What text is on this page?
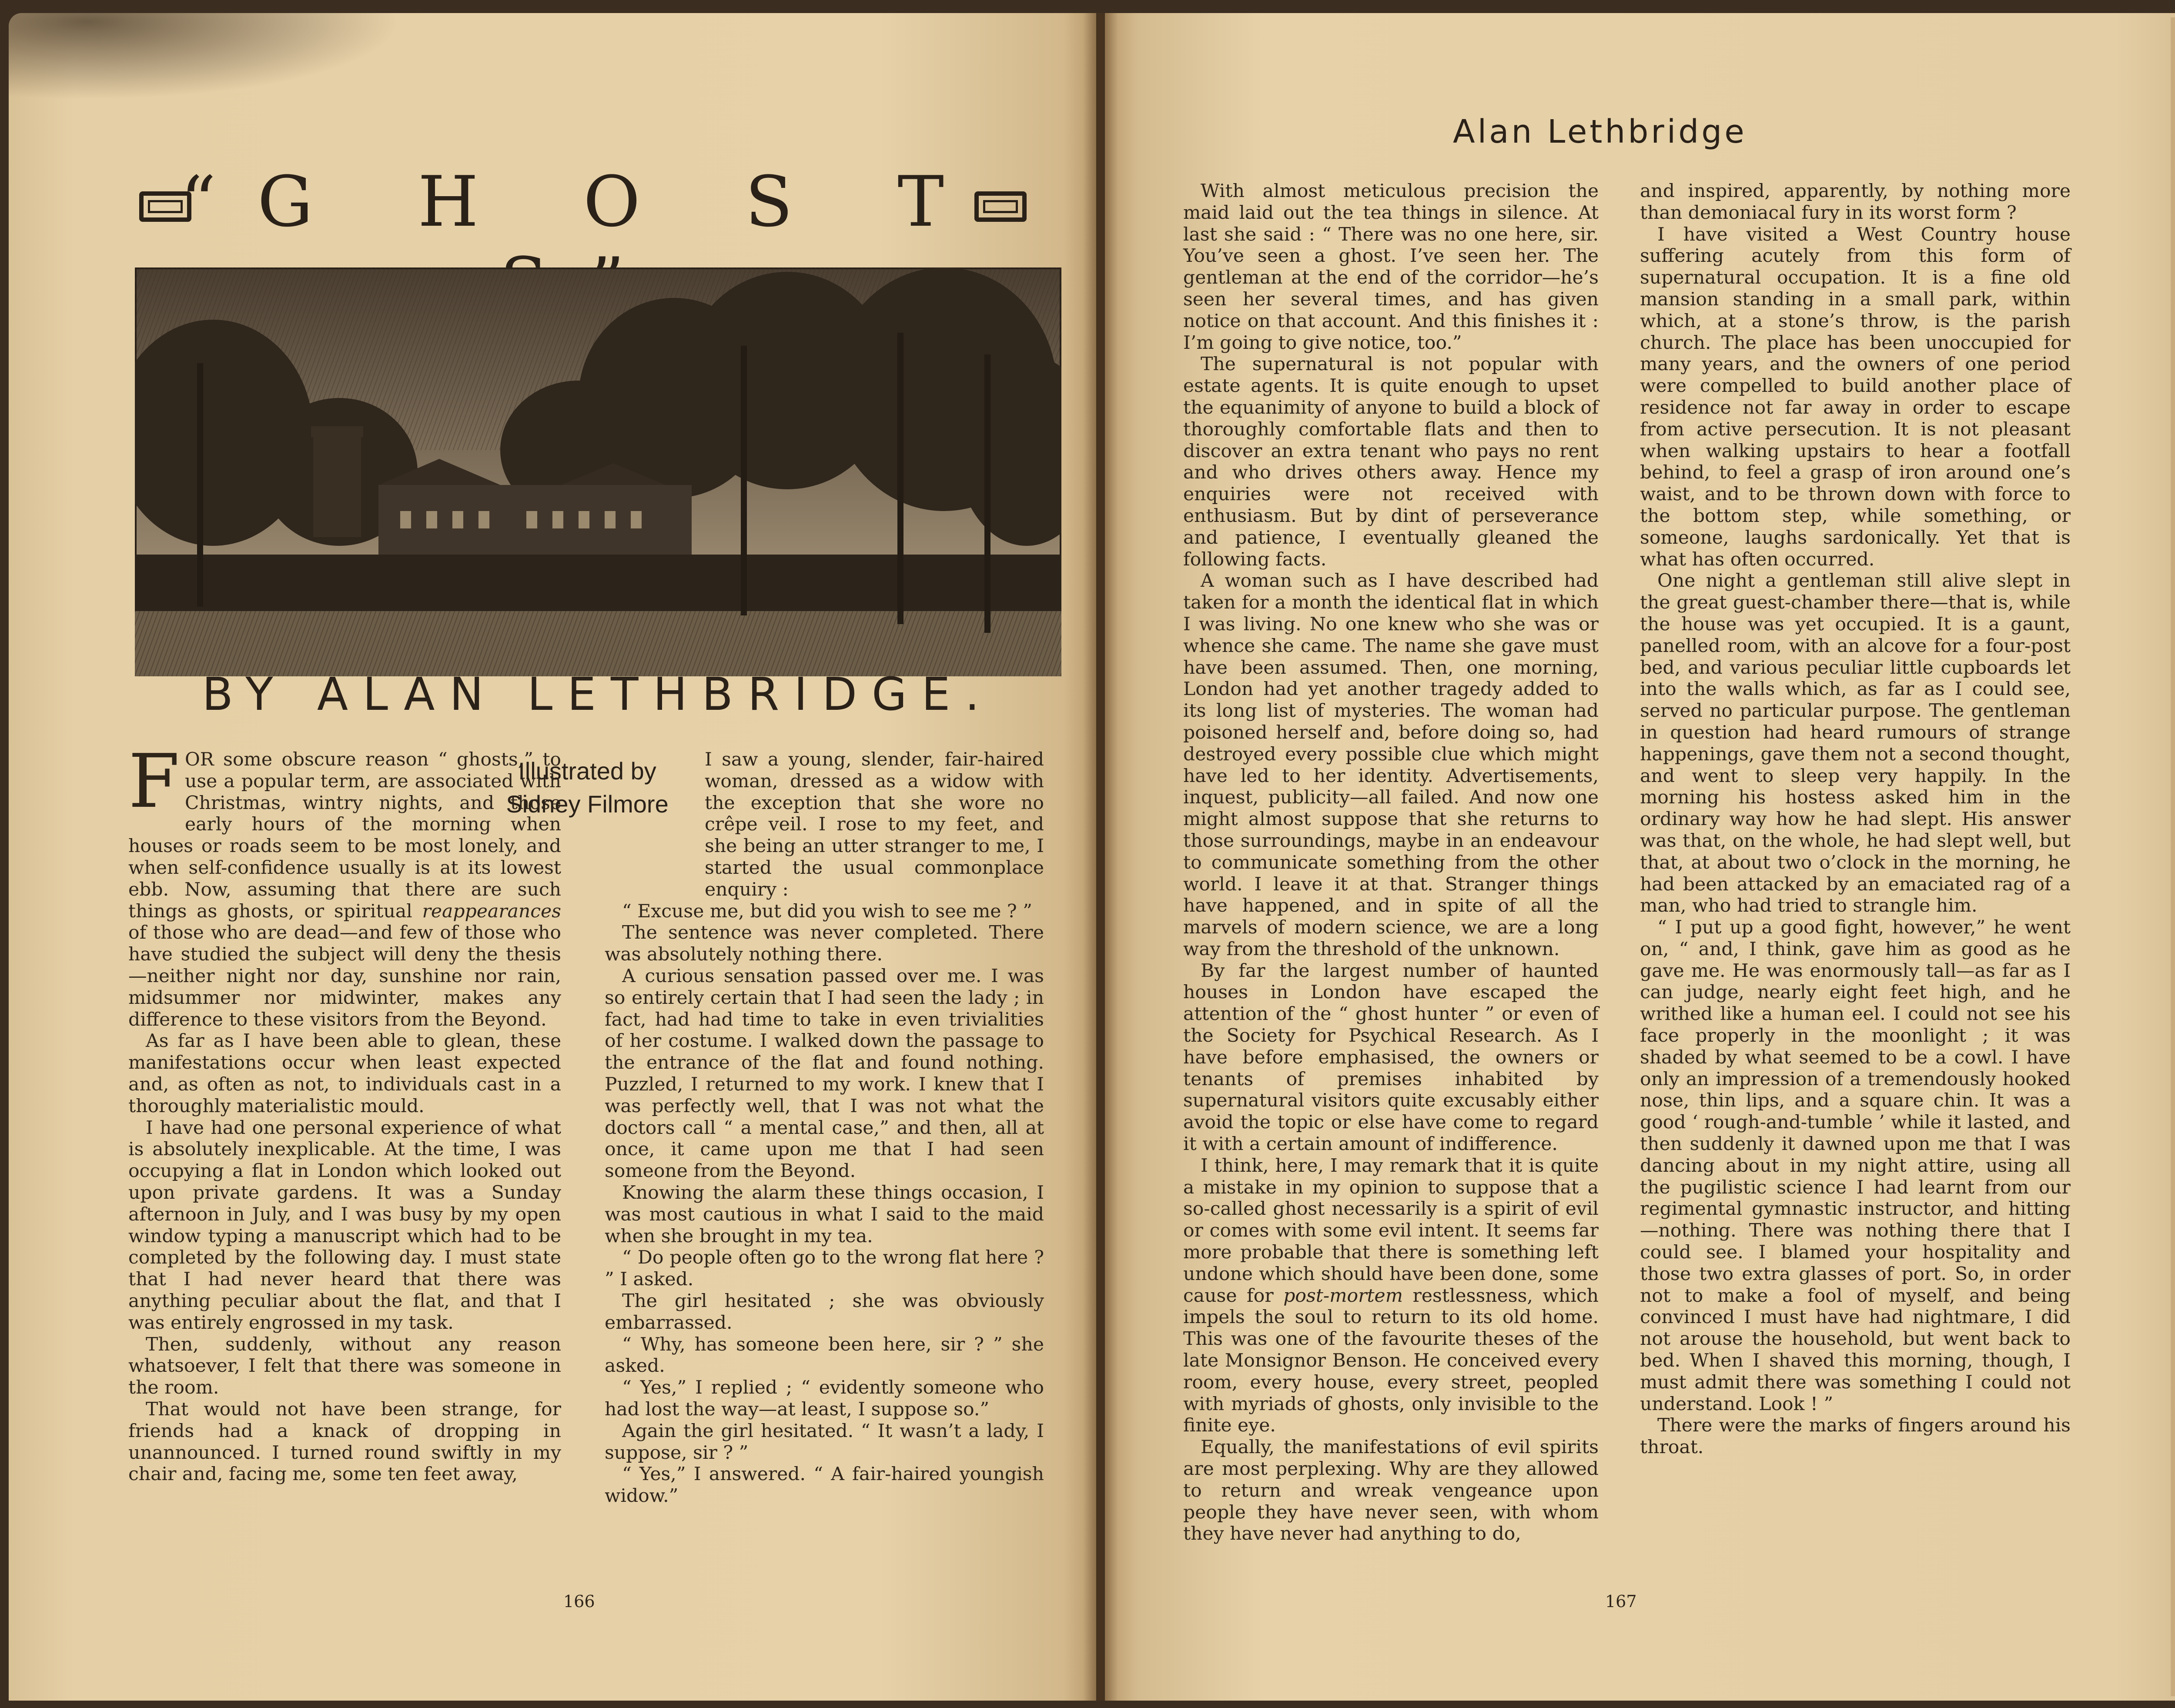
“G H O S T
BY ALAN LETHBRIDGE.

FOR some obscure reason “ ghosts,” to use a popular term, are associated with Christmas, wintry nights, and those early hours of the morning when houses or roads seem to be most lonely, and when self-confidence usually is at its lowest ebb. Now, assuming that there are such things as ghosts, or spiritual reappearances of those who are dead—and few of those who have studied the subject will deny the thesis—neither night nor day, sunshine nor rain, midsummer nor midwinter, makes any difference to these visitors from the Beyond.

As far as I have been able to glean, these manifestations occur when least expected and, as often as not, to individuals cast in a thoroughly materialistic mould.

I have had one personal experience of what is absolutely inexplicable. At the time, I was occupying a flat in London which looked out upon private gardens. It was a Sunday afternoon in July, and I was busy by my open window typing a manuscript which had to be completed by the following day. I must state that I had never heard that there was anything peculiar about the flat, and that I was entirely engrossed in my task.

Then, suddenly, without any reason whatsoever, I felt that there was someone in the room.

That would not have been strange, for friends had a knack of dropping in unannounced. I turned round swiftly in my chair and, facing me, some ten feet away,

Illustrated by Sidney Filmore

I saw a young, slender, fair-haired woman, dressed as a widow with the exception that she wore no crêpe veil. I rose to my feet, and she being an utter stranger to me, I started the usual commonplace enquiry :

“ Excuse me, but did you wish to see me ? ”

The sentence was never completed. There was absolutely nothing there.

A curious sensation passed over me. I was so entirely certain that I had seen the lady ; in fact, had had time to take in even trivialities of her costume. I walked down the passage to the entrance of the flat and found nothing. Puzzled, I returned to my work. I knew that I was perfectly well, that I was not what the doctors call “ a mental case,” and then, all at once, it came upon me that I had seen someone from the Beyond.

Knowing the alarm these things occasion, I was most cautious in what I said to the maid when she brought in my tea.

“ Do people often go to the wrong flat here ? ” I asked.

The girl hesitated ; she was obviously embarrassed.

“ Why, has someone been here, sir ? ” she asked.

“ Yes,” I replied ; “ evidently someone who had lost the way—at least, I suppose so.”

Again the girl hesitated. “ It wasn’t a lady, I suppose, sir ? ”

“ Yes,” I answered. “ A fair-haired youngish widow.”

166
Alan Lethbridge

With almost meticulous precision the maid laid out the tea things in silence. At last she said : “ There was no one here, sir. You’ve seen a ghost. I’ve seen her. The gentleman at the end of the corridor—he’s seen her several times, and has given notice on that account. And this finishes it : I’m going to give notice, too.”

The supernatural is not popular with estate agents. It is quite enough to upset the equanimity of anyone to build a block of thoroughly comfortable flats and then to discover an extra tenant who pays no rent and who drives others away. Hence my enquiries were not received with enthusiasm. But by dint of perseverance and patience, I eventually gleaned the following facts.

A woman such as I have described had taken for a month the identical flat in which I was living. No one knew who she was or whence she came. The name she gave must have been assumed. Then, one morning, London had yet another tragedy added to its long list of mysteries. The woman had poisoned herself and, before doing so, had destroyed every possible clue which might have led to her identity. Advertisements, inquest, publicity—all failed. And now one might almost suppose that she returns to those surroundings, maybe in an endeavour to communicate something from the other world. I leave it at that. Stranger things have happened, and in spite of all the marvels of modern science, we are a long way from the threshold of the unknown.

By far the largest number of haunted houses in London have escaped the attention of the “ ghost hunter ” or even of the Society for Psychical Research. As I have before emphasised, the owners or tenants of premises inhabited by supernatural visitors quite excusably either avoid the topic or else have come to regard it with a certain amount of indifference.

I think, here, I may remark that it is quite a mistake in my opinion to suppose that a so-called ghost necessarily is a spirit of evil or comes with some evil intent. It seems far more probable that there is something left undone which should have been done, some cause for post-mortem restlessness, which impels the soul to return to its old home. This was one of the favourite theses of the late Monsignor Benson. He conceived every room, every house, every street, peopled with myriads of ghosts, only invisible to the finite eye.

Equally, the manifestations of evil spirits are most perplexing. Why are they allowed to return and wreak vengeance upon people they have never seen, with whom they have never had anything to do,

and inspired, apparently, by nothing more than demoniacal fury in its worst form ?

I have visited a West Country house suffering acutely from this form of supernatural occupation. It is a fine old mansion standing in a small park, within which, at a stone’s throw, is the parish church. The place has been unoccupied for many years, and the owners of one period were compelled to build another place of residence not far away in order to escape from active persecution. It is not pleasant when walking upstairs to hear a footfall behind, to feel a grasp of iron around one’s waist, and to be thrown down with force to the bottom step, while something, or someone, laughs sardonically. Yet that is what has often occurred.

One night a gentleman still alive slept in the great guest-chamber there—that is, while the house was yet occupied. It is a gaunt, panelled room, with an alcove for a four-post bed, and various peculiar little cupboards let into the walls which, as far as I could see, served no particular purpose. The gentleman in question had heard rumours of strange happenings, gave them not a second thought, and went to sleep very happily. In the morning his hostess asked him in the ordinary way how he had slept. His answer was that, on the whole, he had slept well, but that, at about two o’clock in the morning, he had been attacked by an emaciated rag of a man, who had tried to strangle him.

“ I put up a good fight, however,” he went on, “ and, I think, gave him as good as he gave me. He was enormously tall—as far as I can judge, nearly eight feet high, and he writhed like a human eel. I could not see his face properly in the moonlight ; it was shaded by what seemed to be a cowl. I have only an impression of a tremendously hooked nose, thin lips, and a square chin. It was a good ‘ rough-and-tumble ’ while it lasted, and then suddenly it dawned upon me that I was dancing about in my night attire, using all the pugilistic science I had learnt from our regimental gymnastic instructor, and hitting—nothing. There was nothing there that I could see. I blamed your hospitality and those two extra glasses of port. So, in order not to make a fool of myself, and being convinced I must have had nightmare, I did not arouse the household, but went back to bed. When I shaved this morning, though, I must admit there was something I could not understand. Look ! ”

There were the marks of fingers around his throat.

167
